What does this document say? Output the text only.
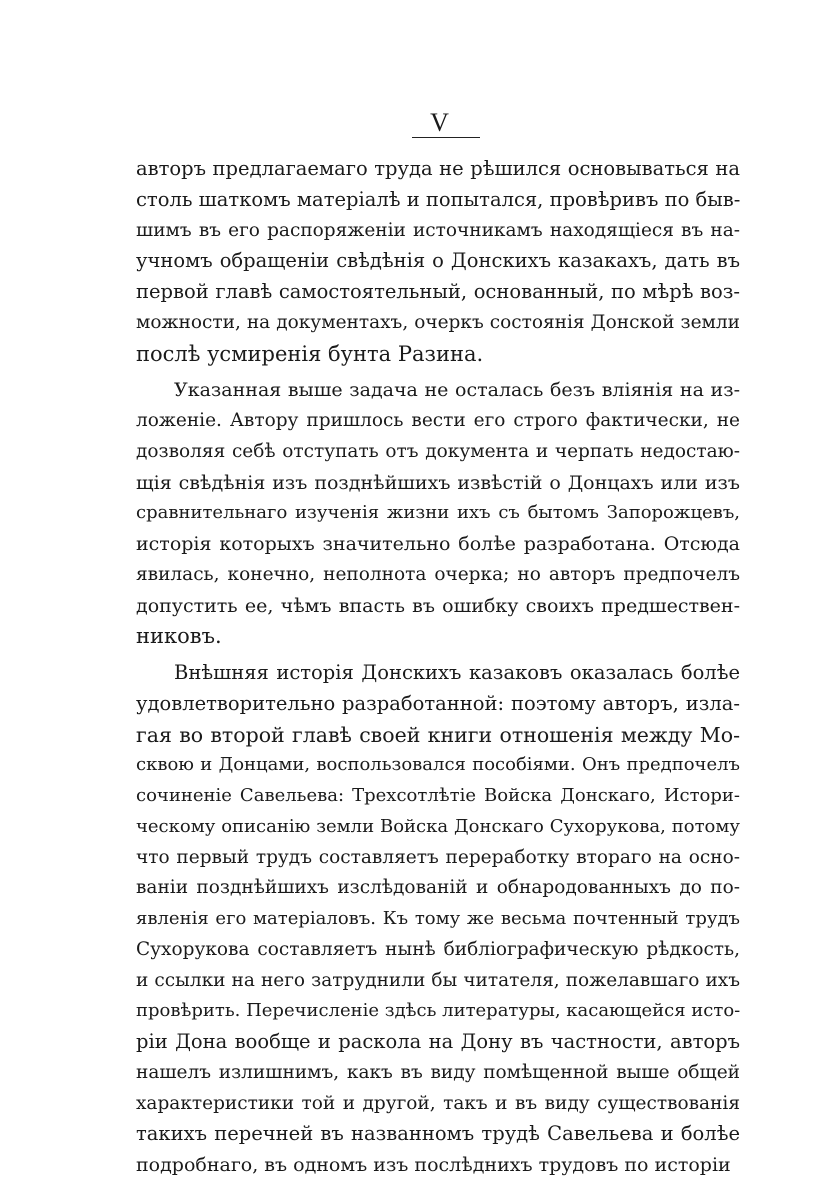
V
авторъ предлагаемаго труда не рѣшился основываться на
столь шаткомъ матеріалѣ и попытался, провѣривъ по быв-
шимъ въ его распоряженіи источникамъ находящіеся въ на-
учномъ обращеніи свѣдѣнія о Донскихъ казакахъ, дать въ
первой главѣ самостоятельный, основанный, по мѣрѣ воз-
можности, на документахъ, очеркъ состоянія Донской земли
послѣ усмиренія бунта Разина.
Указанная выше задача не осталась безъ вліянія на из-
ложеніе. Автору пришлось вести его строго фактически, не
дозволяя себѣ отступать отъ документа и черпать недостаю-
щія свѣдѣнія изъ позднѣйшихъ извѣстій о Донцахъ или изъ
сравнительнаго изученія жизни ихъ съ бытомъ Запорожцевъ,
исторія которыхъ значительно болѣе разработана. Отсюда
явилась, конечно, неполнота очерка; но авторъ предпочелъ
допустить ее, чѣмъ впасть въ ошибку своихъ предшествен-
никовъ.
Внѣшняя исторія Донскихъ казаковъ оказалась болѣе
удовлетворительно разработанной: поэтому авторъ, изла-
гая во второй главѣ своей книги отношенія между Мо-
сквою и Донцами, воспользовался пособіями. Онъ предпочелъ
сочиненіе Савельева: Трехсотлѣтіе Войска Донскаго, Истори-
ческому описанію земли Войска Донскаго Сухорукова, потому
что первый трудъ составляетъ переработку втораго на осно-
ваніи позднѣйшихъ изслѣдованій и обнародованныхъ до по-
явленія его матеріаловъ. Къ тому же весьма почтенный трудъ
Сухорукова составляетъ нынѣ библіографическую рѣдкость,
и ссылки на него затруднили бы читателя, пожелавшаго ихъ
провѣрить. Перечисленіе здѣсь литературы, касающейся исто-
ріи Дона вообще и раскола на Дону въ частности, авторъ
нашелъ излишнимъ, какъ въ виду помѣщенной выше общей
характеристики той и другой, такъ и въ виду существованія
такихъ перечней въ названномъ трудѣ Савельева и болѣе
подробнаго, въ одномъ изъ послѣднихъ трудовъ по исторіи
